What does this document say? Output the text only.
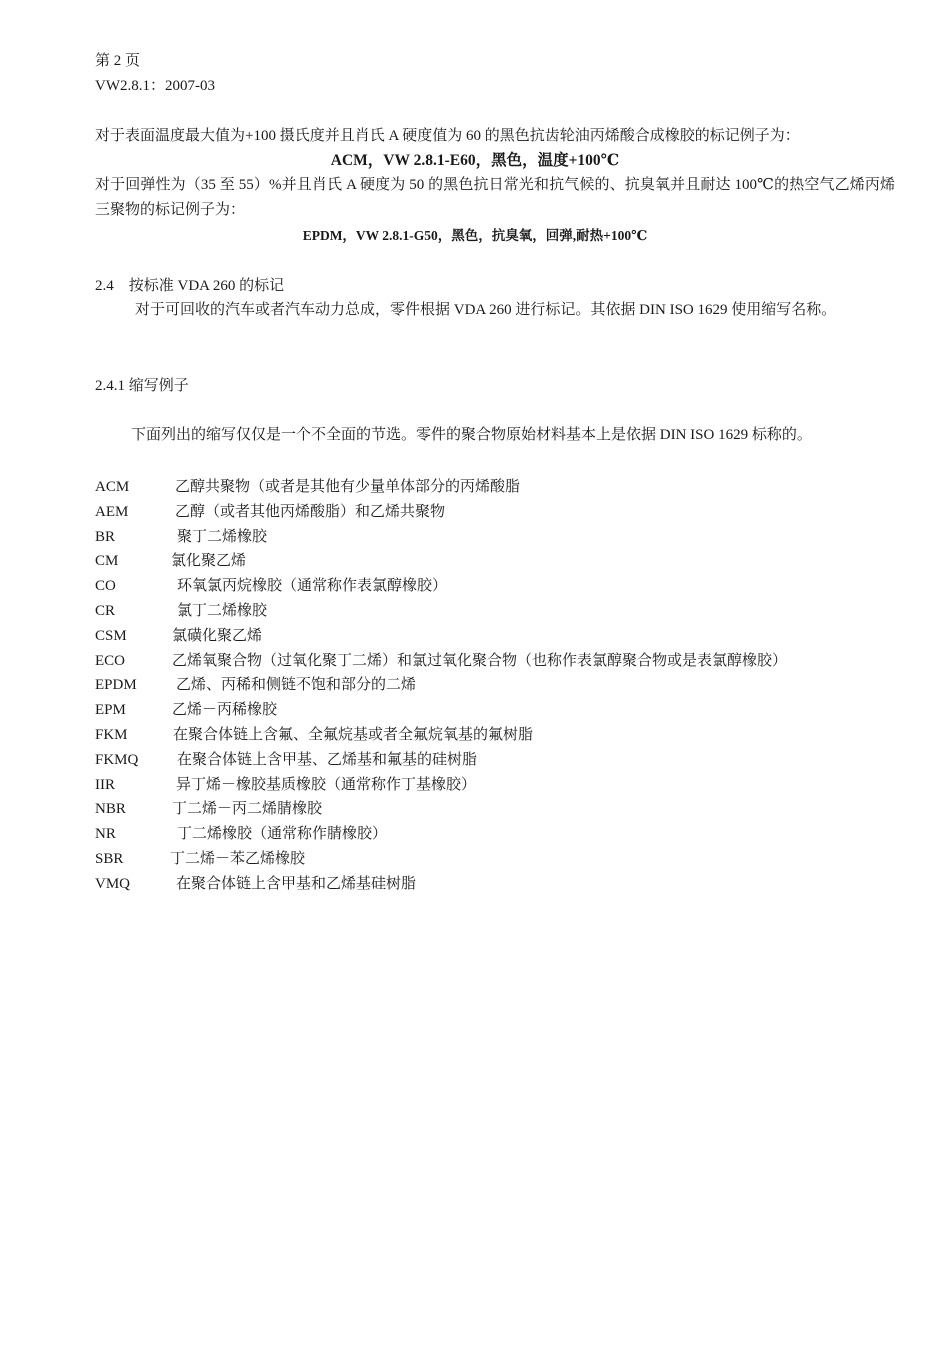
第 2 页
VW2.8.1：2007-03
对于表面温度最大值为+100 摄氏度并且肖氏 A 硬度值为 60 的黑色抗齿轮油丙烯酸合成橡胶的标记例子为：
ACM，VW 2.8.1-E60，黑色，温度+100℃
对于回弹性为（35 至 55）%并且肖氏 A 硬度为 50 的黑色抗日常光和抗气候的、抗臭氧并且耐达 100℃的热空气乙烯丙烯三聚物的标记例子为：
EPDM，VW 2.8.1-G50，黑色，抗臭氧，回弹,耐热+100℃
2.4　按标准 VDA 260 的标记
对于可回收的汽车或者汽车动力总成，零件根据 VDA 260 进行标记。其依据 DIN ISO 1629 使用缩写名称。
2.4.1 缩写例子
下面列出的缩写仅仅是一个不全面的节选。零件的聚合物原始材料基本上是依据 DIN ISO 1629 标称的。
ACM	乙醇共聚物（或者是其他有少量单体部分的丙烯酸脂
AEM	乙醇（或者其他丙烯酸脂）和乙烯共聚物
BR	聚丁二烯橡胶
CM	氯化聚乙烯
CO	环氧氯丙烷橡胶（通常称作表氯醇橡胶）
CR	氯丁二烯橡胶
CSM	氯磺化聚乙烯
ECO	乙烯氧聚合物（过氧化聚丁二烯）和氯过氧化聚合物（也称作表氯醇聚合物或是表氯醇橡胶）
EPDM	乙烯、丙稀和侧链不饱和部分的二烯
EPM	乙烯－丙稀橡胶
FKM	在聚合体链上含氟、全氟烷基或者全氟烷氧基的氟树脂
FKMQ	在聚合体链上含甲基、乙烯基和氟基的硅树脂
IIR	异丁烯－橡胶基质橡胶（通常称作丁基橡胶）
NBR	丁二烯－丙二烯腈橡胶
NR	丁二烯橡胶（通常称作腈橡胶）
SBR	丁二烯－苯乙烯橡胶
VMQ	在聚合体链上含甲基和乙烯基硅树脂
